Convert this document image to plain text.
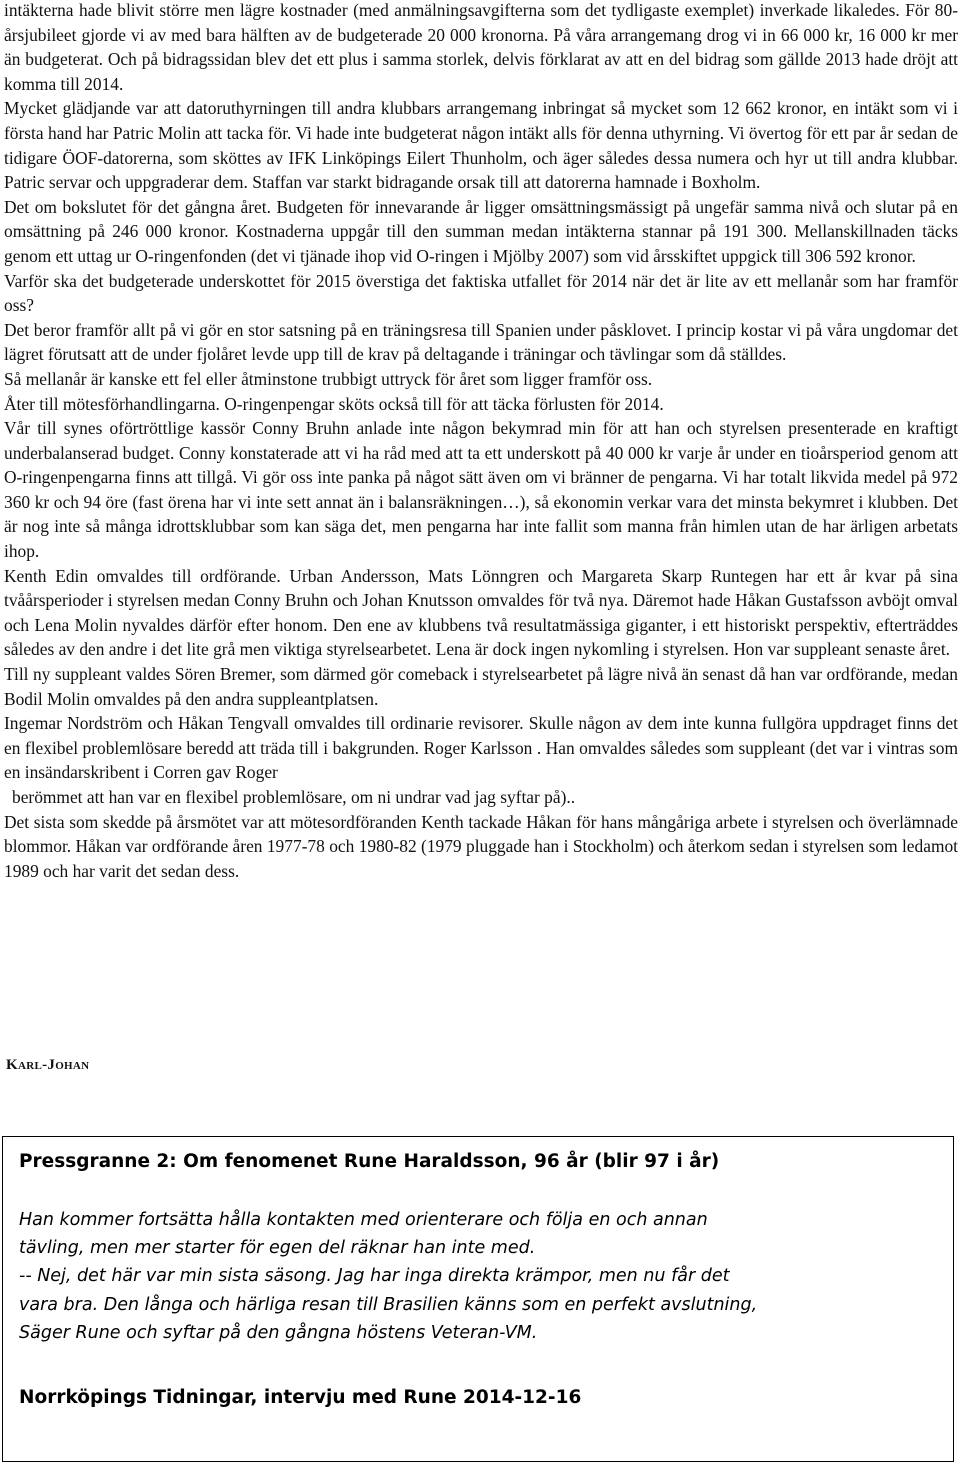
intäkterna hade blivit större men lägre kostnader (med anmälningsavgifterna som det tydligaste exemplet) inverkade likaledes. För 80-årsjubileet gjorde vi av med bara hälften av de budgeterade 20 000 kronorna. På våra arrangemang drog vi in 66 000 kr, 16 000 kr mer än budgeterat. Och på bidragssidan blev det ett plus i samma storlek, delvis förklarat av att en del bidrag som gällde 2013 hade dröjt att komma till 2014.

Mycket glädjande var att datoruthyrningen till andra klubbars arrangemang inbringat så mycket som 12 662 kronor, en intäkt som vi i första hand har Patric Molin att tacka för. Vi hade inte budgeterat någon intäkt alls för denna uthyrning. Vi övertog för ett par år sedan de tidigare ÖOF-datorerna, som sköttes av IFK Linköpings Eilert Thunholm, och äger således dessa numera och hyr ut till andra klubbar. Patric servar och uppgraderar dem. Staffan var starkt bidragande orsak till att datorerna hamnade i Boxholm.

Det om bokslutet för det gångna året. Budgeten för innevarande år ligger omsättningsmässigt på ungefär samma nivå och slutar på en omsättning på 246 000 kronor. Kostnaderna uppgår till den summan medan intäkterna stannar på 191 300. Mellanskillnaden täcks genom ett uttag ur O-ringenfonden (det vi tjänade ihop vid O-ringen i Mjölby 2007) som vid årsskiftet uppgick till 306 592 kronor.

Varför ska det budgeterade underskottet för 2015 överstiga det faktiska utfallet för 2014 när det är lite av ett mellanår som har framför oss?

Det beror framför allt på vi gör en stor satsning på en träningsresa till Spanien under påsklovet. I princip kostar vi på våra ungdomar det lägret förutsatt att de under fjolåret levde upp till de krav på deltagande i träningar och tävlingar som då ställdes.

Så mellanår är kanske ett fel eller åtminstone trubbigt uttryck för året som ligger framför oss.

Åter till mötesförhandlingarna. O-ringenpengar sköts också till för att täcka förlusten för 2014.

Vår till synes oförtröttlige kassör Conny Bruhn anlade inte någon bekymrad min för att han och styrelsen presenterade en kraftigt underbalanserad budget. Conny konstaterade att vi ha råd med att ta ett underskott på 40 000 kr varje år under en tioårsperiod genom att O-ringenpengarna finns att tillgå. Vi gör oss inte panka på något sätt även om vi bränner de pengarna. Vi har totalt likvida medel på 972 360 kr och 94 öre (fast örena har vi inte sett annat än i balansräkningen…), så ekonomin verkar vara det minsta bekymret i klubben. Det är nog inte så många idrottsklubbar som kan säga det, men pengarna har inte fallit som manna från himlen utan de har ärligen arbetats ihop.

Kenth Edin omvaldes till ordförande. Urban Andersson, Mats Lönngren och Margareta Skarp Runtegen har ett år kvar på sina tvåårsperioder i styrelsen medan Conny Bruhn och Johan Knutsson omvaldes för två nya. Däremot hade Håkan Gustafsson avböjt omval och Lena Molin nyvaldes därför efter honom. Den ene av klubbens två resultatmässiga giganter, i ett historiskt perspektiv, efterträddes således av den andre i det lite grå men viktiga styrelsearbetet. Lena är dock ingen nykomling i styrelsen. Hon var suppleant senaste året.

Till ny suppleant valdes Sören Bremer, som därmed gör comeback i styrelsearbetet på lägre nivå än senast då han var ordförande, medan Bodil Molin omvaldes på den andra suppleantplatsen.

Ingemar Nordström och Håkan Tengvall omvaldes till ordinarie revisorer. Skulle någon av dem inte kunna fullgöra uppdraget finns det en flexibel problemlösare beredd att träda till i bakgrunden. Roger Karlsson . Han omvaldes således som suppleant (det var i vintras som en insändarskribent i Corren gav Roger

berömmet att han var en flexibel problemlösare, om ni undrar vad jag syftar på)..

Det sista som skedde på årsmötet var att mötesordföranden Kenth tackade Håkan för hans mångåriga arbete i styrelsen och överlämnade blommor. Håkan var ordförande åren 1977-78 och 1980-82 (1979 pluggade han i Stockholm) och återkom sedan i styrelsen som ledamot 1989 och har varit det sedan dess.

KARL-JOHAN
Pressgranne 2: Om fenomenet Rune Haraldsson, 96 år (blir 97 i år)

Han kommer fortsätta hålla kontakten med orienterare och följa en och annan

tävling, men mer starter för egen del räknar han inte med.

-- Nej, det här var min sista säsong. Jag har inga direkta krämpor, men nu får det

vara bra. Den långa och härliga resan till Brasilien känns som en perfekt avslutning,

Säger Rune och syftar på den gångna höstens Veteran-VM.

Norrköpings Tidningar, intervju med Rune 2014-12-16
